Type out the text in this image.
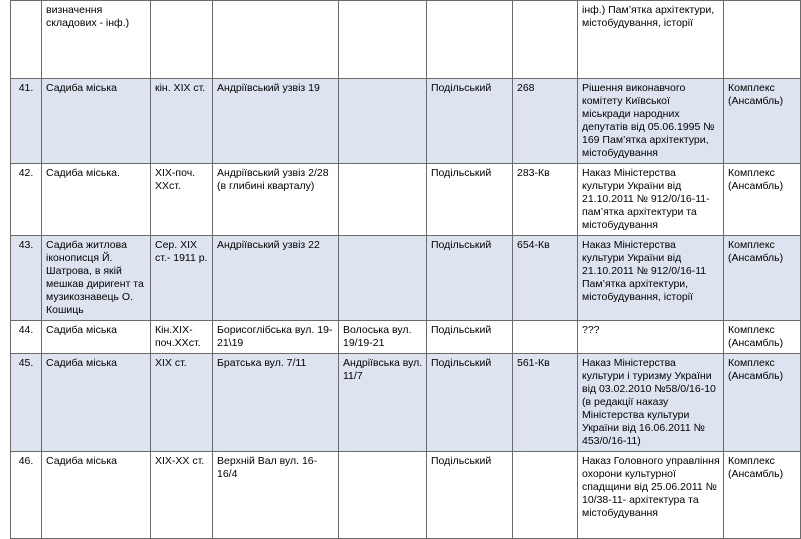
	визначення складових - інф.)						інф.) Пам’ятка архітектури, містобудування, історії	
41.	Садиба міська	кін. XIX ст.	Андріївський узвіз 19		Подільський	268	Рішення виконавчого комітету Київської міськради народних депутатів від 05.06.1995 № 169 Пам’ятка архітектури, містобудування	Комплекс (Ансамбль)
42.	Садиба міська.	XIX-поч. XXст.	Андріївський узвіз 2/28 (в глибині кварталу)		Подільський	283-Кв	Наказ Міністерства культури України від 21.10.2011 № 912/0/16-11- пам’ятка архітектури та містобудування	Комплекс (Ансамбль)
43.	Садиба житлова іконописця Й. Шатрова, в якій мешкав диригент та музикознавець О. Кошиць	Сер. XIX ст.- 1911 р.	Андріївський узвіз 22		Подільський	654-Кв	Наказ Міністерства культури України від 21.10.2011 № 912/0/16-11 Пам’ятка архітектури, містобудування, історії	Комплекс (Ансамбль)
44.	Садиба міська	Кін.XIX-поч.XXст.	Борисоглібська вул. 19-21\19	Волоська вул. 19/19-21	Подільський		???	Комплекс (Ансамбль)
45.	Садиба міська	XIX ст.	Братська вул. 7/11	Андріївська вул. 11/7	Подільський	561-Кв	Наказ Міністерства культури і туризму України від 03.02.2010 №58/0/16-10 (в редакції наказу Міністерства культури України від 16.06.2011 № 453/0/16-11)	Комплекс (Ансамбль)
46.	Садиба міська	XIX-XX ст.	Верхній Вал вул. 16-16/4		Подільський		Наказ Головного управління охорони культурної спадщини від 25.06.2011 № 10/38-11- архітектура та містобудування	Комплекс (Ансамбль)
